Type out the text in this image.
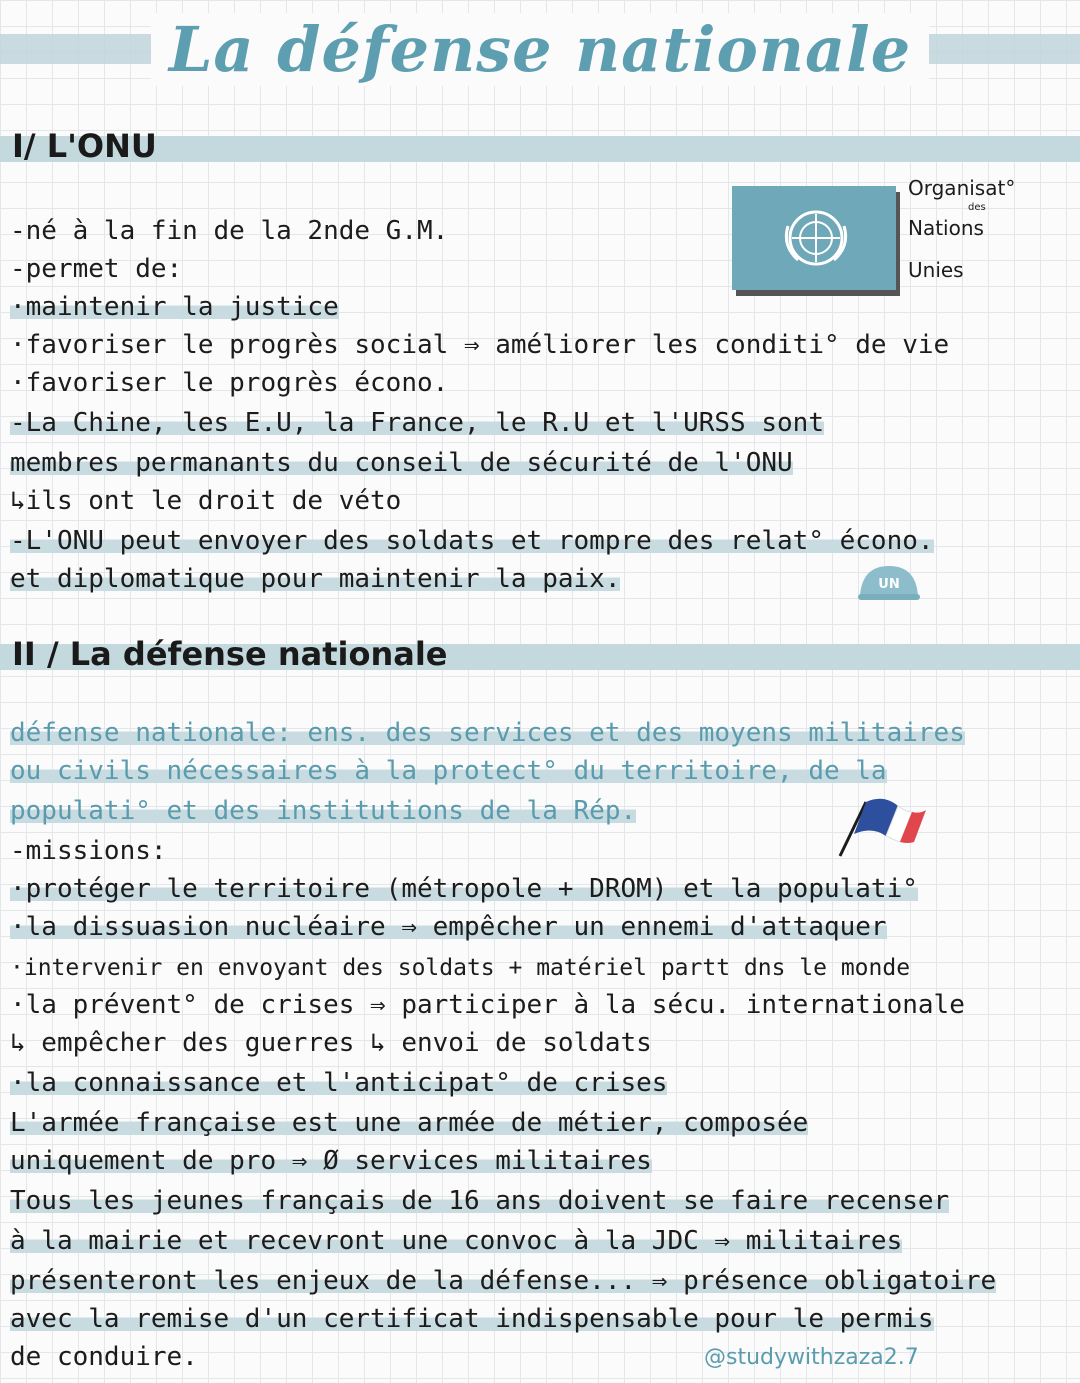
La défense nationale
I/ L'ONU
Organisat°
des
Nations
Unies
-né à la fin de la 2nde G.M.
-permet de:
·maintenir la justice
·favoriser le progrès social ⇒ améliorer les conditi° de vie
·favoriser le progrès écono.
-La Chine, les E.U, la France, le R.U et l'URSS sont
membres permanants du conseil de sécurité de l'ONU
↳ils ont le droit de véto
-L'ONU peut envoyer des soldats et rompre des relat° écono.
et diplomatique pour maintenir la paix.	UN
II / La défense nationale
défense nationale: ens. des services et des moyens militaires
ou civils nécessaires à la protect° du territoire, de la
populati° et des institutions de la Rép.
-missions:
·protéger le territoire (métropole + DROM) et la populati°
·la dissuasion nucléaire ⇒ empêcher un ennemi d'attaquer
·intervenir en envoyant des soldats + matériel partt dns le monde
·la prévent° de crises ⇒ participer à la sécu. internationale
↳ empêcher des guerres ↳ envoi de soldats
·la connaissance et l'anticipat° de crises
L'armée française est une armée de métier, composée
uniquement de pro ⇒ Ø services militaires
Tous les jeunes français de 16 ans doivent se faire recenser
à la mairie et recevront une convoc à la JDC ⇒ militaires
présenteront les enjeux de la défense... ⇒ présence obligatoire
avec la remise d'un certificat indispensable pour le permis
de conduire.	@studywithzaza2.7
